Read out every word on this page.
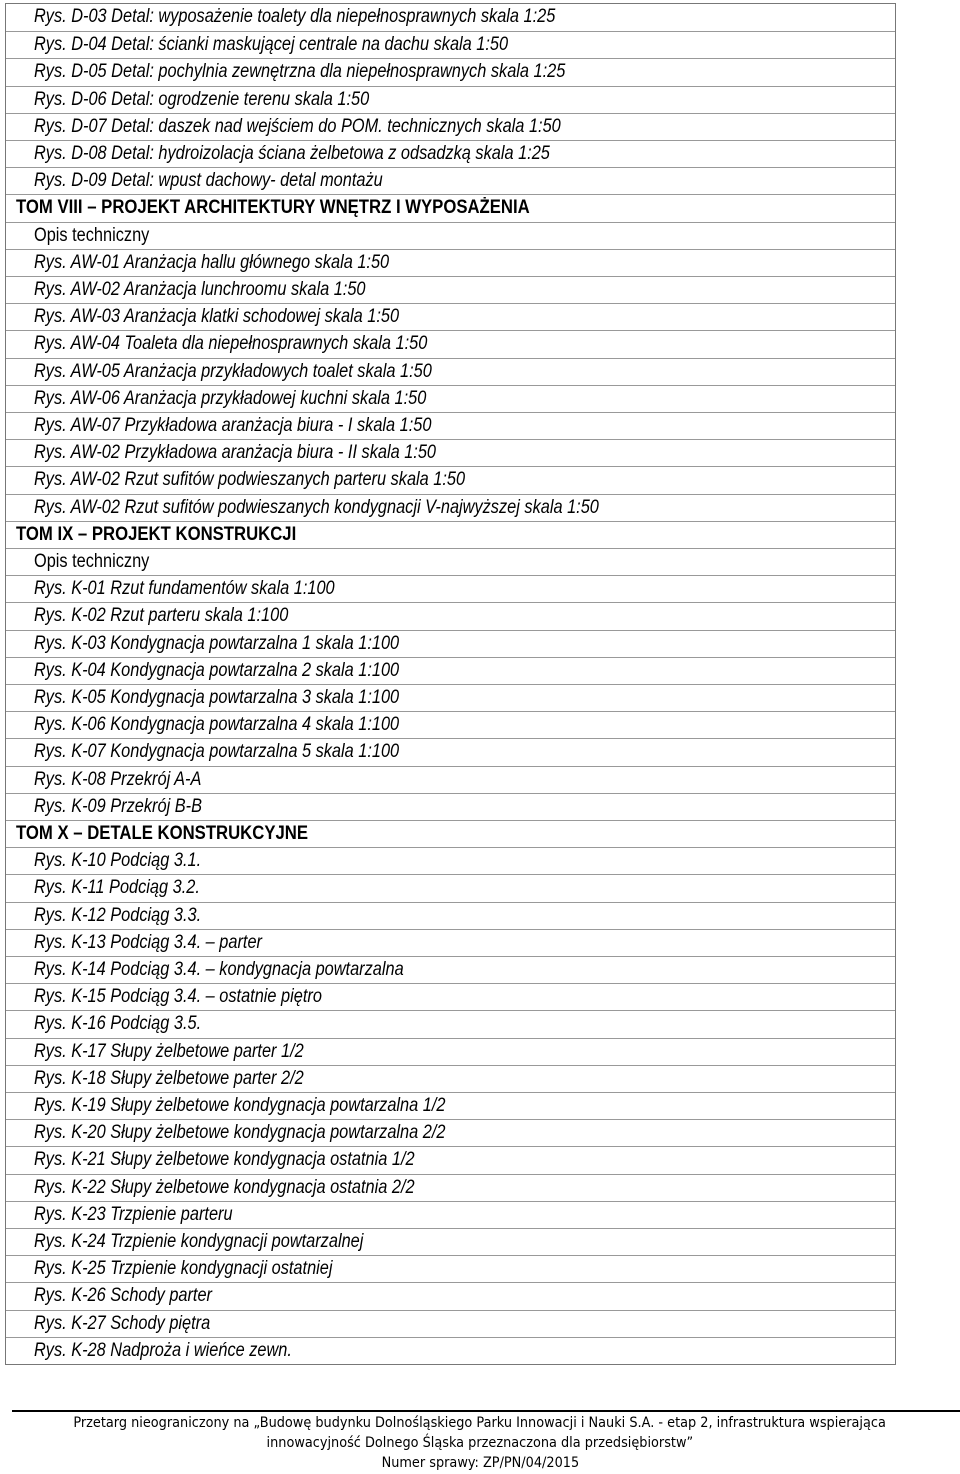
Rys. D-03 Detal: wyposażenie toalety dla niepełnosprawnych skala 1:25
Rys. D-04 Detal: ścianki maskującej centrale na dachu skala 1:50
Rys. D-05 Detal: pochylnia zewnętrzna dla niepełnosprawnych skala 1:25
Rys. D-06 Detal: ogrodzenie terenu skala 1:50
Rys. D-07 Detal: daszek nad wejściem do POM. technicznych skala 1:50
Rys. D-08 Detal: hydroizolacja ściana żelbetowa z odsadzką skala 1:25
Rys. D-09 Detal: wpust dachowy- detal montażu
TOM VIII – PROJEKT ARCHITEKTURY WNĘTRZ I WYPOSAŻENIA
Opis techniczny
Rys. AW-01 Aranżacja hallu głównego skala 1:50
Rys. AW-02 Aranżacja lunchroomu skala 1:50
Rys. AW-03 Aranżacja klatki schodowej skala 1:50
Rys. AW-04 Toaleta dla niepełnosprawnych skala 1:50
Rys. AW-05 Aranżacja przykładowych toalet skala 1:50
Rys. AW-06 Aranżacja przykładowej kuchni skala 1:50
Rys. AW-07 Przykładowa aranżacja biura - I skala 1:50
Rys. AW-02 Przykładowa aranżacja biura - II skala 1:50
Rys. AW-02 Rzut sufitów podwieszanych parteru skala 1:50
Rys. AW-02 Rzut sufitów podwieszanych kondygnacji V-najwyższej skala 1:50
TOM IX – PROJEKT KONSTRUKCJI
Opis techniczny
Rys. K-01 Rzut fundamentów skala 1:100
Rys. K-02 Rzut parteru skala 1:100
Rys. K-03 Kondygnacja powtarzalna 1 skala 1:100
Rys. K-04 Kondygnacja powtarzalna 2 skala 1:100
Rys. K-05 Kondygnacja powtarzalna 3 skala 1:100
Rys. K-06 Kondygnacja powtarzalna 4 skala 1:100
Rys. K-07 Kondygnacja powtarzalna 5 skala 1:100
Rys. K-08 Przekrój A-A
Rys. K-09 Przekrój B-B
TOM X – DETALE KONSTRUKCYJNE
Rys. K-10 Podciąg 3.1.
Rys. K-11 Podciąg 3.2.
Rys. K-12 Podciąg 3.3.
Rys. K-13 Podciąg 3.4. – parter
Rys. K-14 Podciąg 3.4. – kondygnacja powtarzalna
Rys. K-15 Podciąg 3.4. – ostatnie piętro
Rys. K-16 Podciąg 3.5.
Rys. K-17 Słupy żelbetowe parter 1/2
Rys. K-18 Słupy żelbetowe parter 2/2
Rys. K-19 Słupy żelbetowe kondygnacja powtarzalna 1/2
Rys. K-20 Słupy żelbetowe kondygnacja powtarzalna 2/2
Rys. K-21 Słupy żelbetowe kondygnacja ostatnia 1/2
Rys. K-22 Słupy żelbetowe kondygnacja ostatnia 2/2
Rys. K-23 Trzpienie parteru
Rys. K-24 Trzpienie kondygnacji powtarzalnej
Rys. K-25 Trzpienie kondygnacji ostatniej
Rys. K-26 Schody parter
Rys. K-27 Schody piętra
Rys. K-28 Nadproża i wieńce zewn.
Przetarg nieograniczony na „Budowę budynku Dolnośląskiego Parku Innowacji i Nauki S.A. - etap 2, infrastruktura wspierająca
innowacyjność Dolnego Śląska przeznaczona dla przedsiębiorstw”
Numer sprawy: ZP/PN/04/2015
